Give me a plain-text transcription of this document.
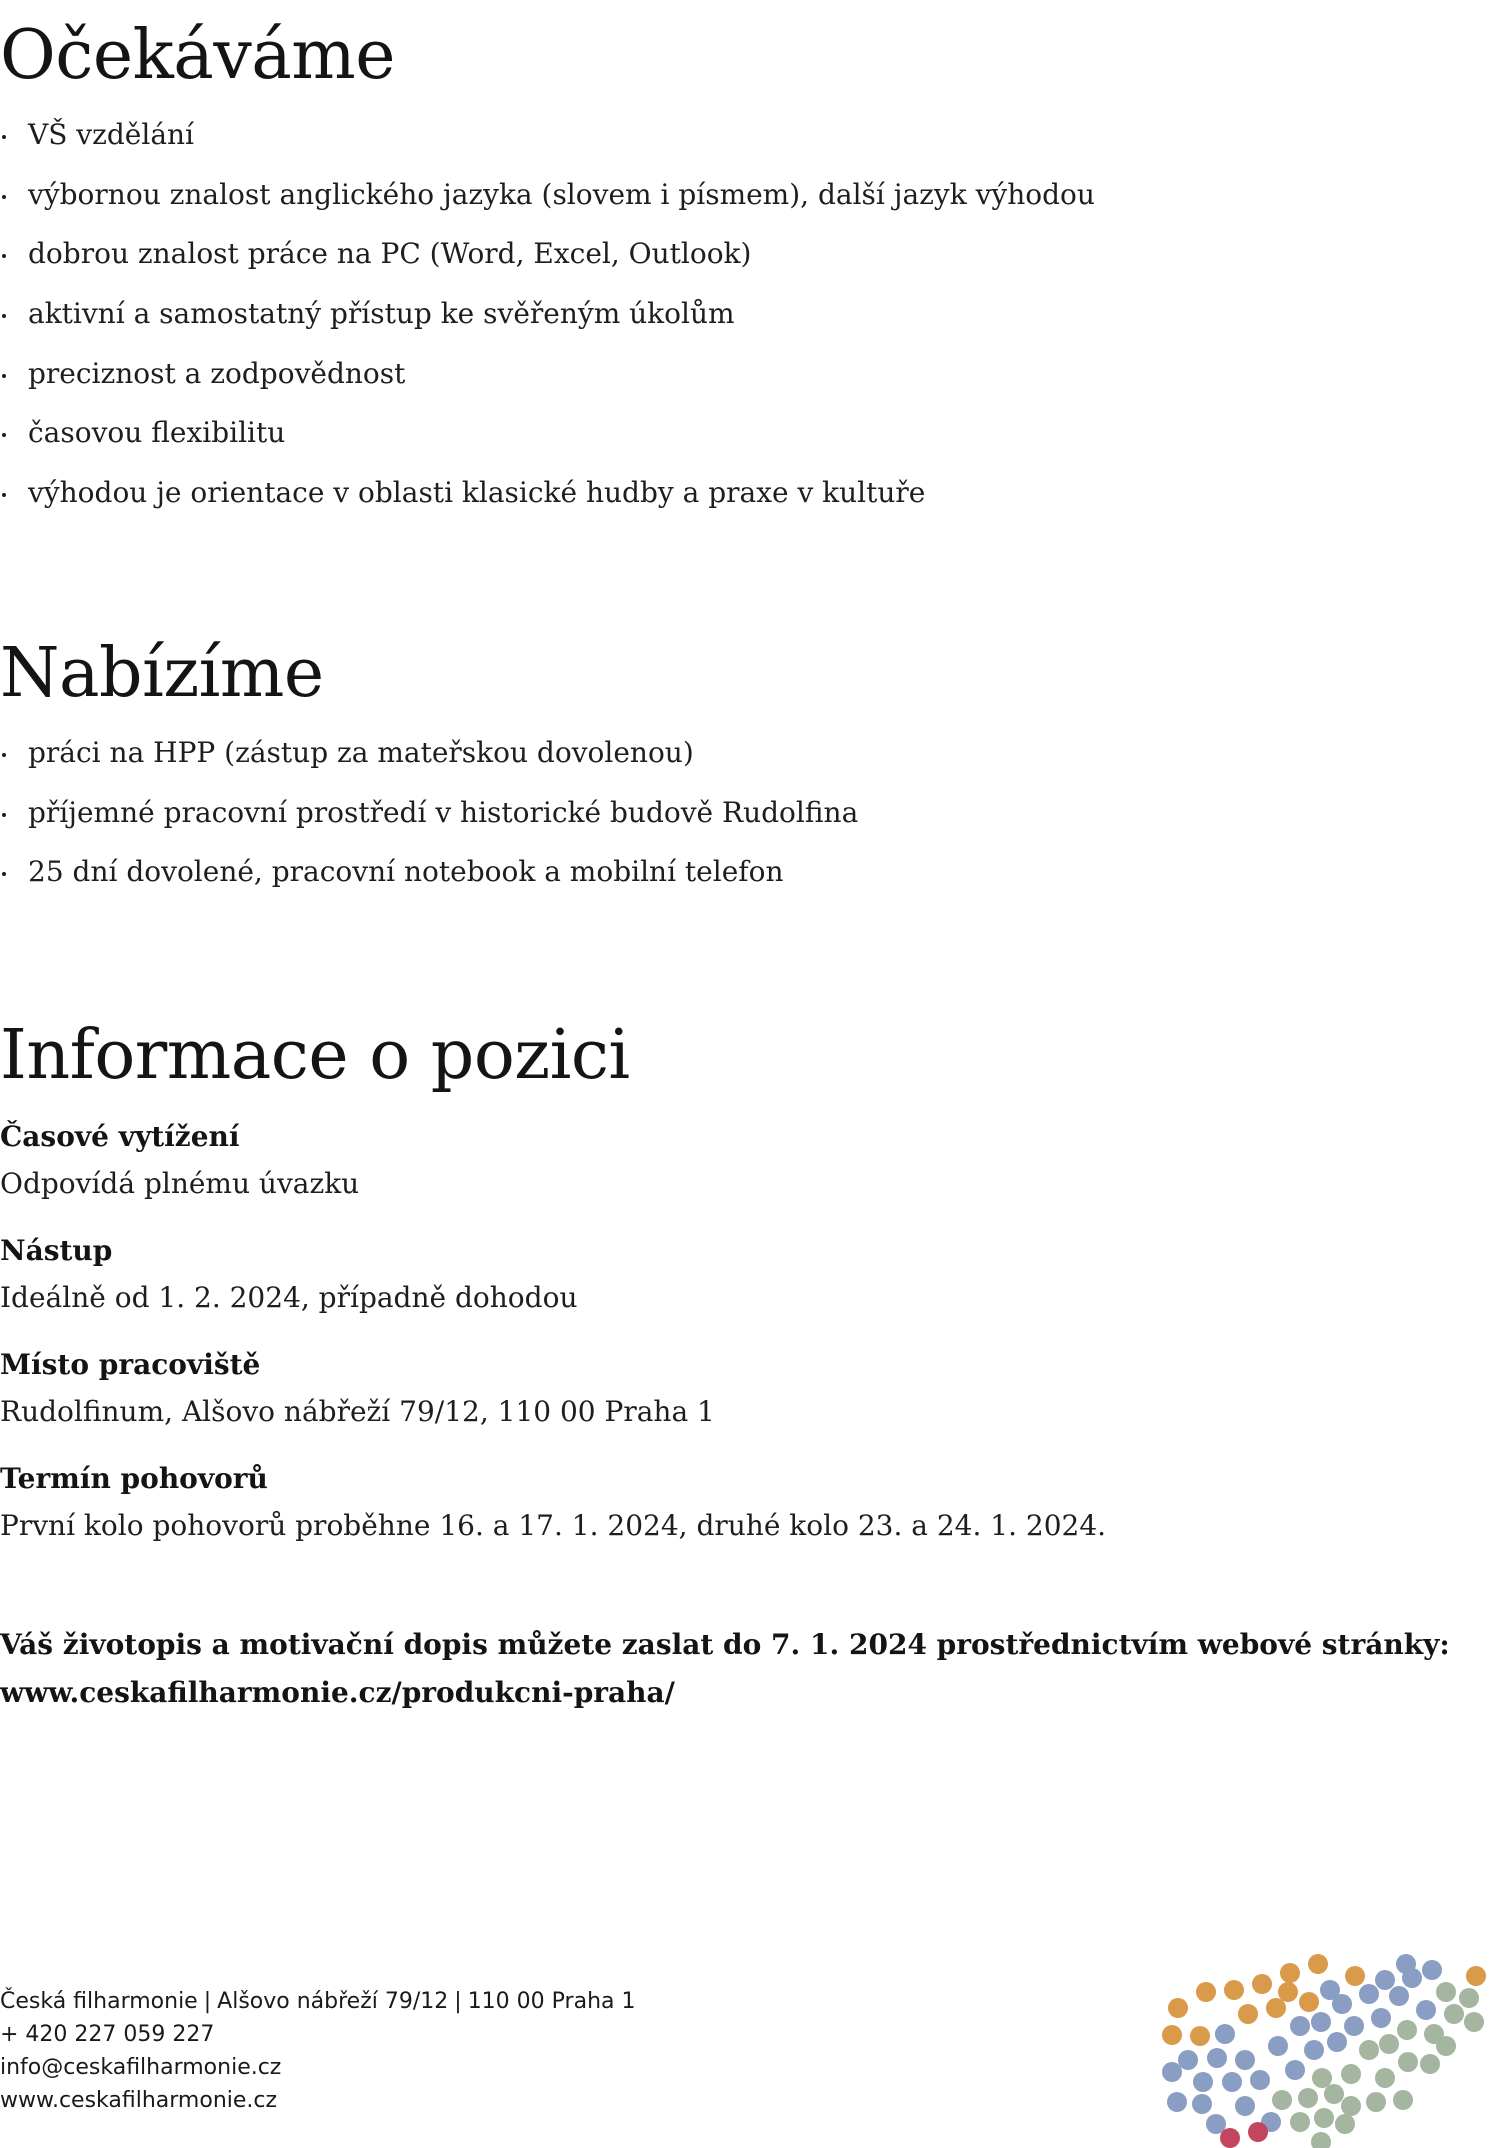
Očekáváme
VŠ vzdělání
výbornou znalost anglického jazyka (slovem i písmem), další jazyk výhodou
dobrou znalost práce na PC (Word, Excel, Outlook)
aktivní a samostatný přístup ke svěřeným úkolům
preciznost a zodpovědnost
časovou flexibilitu
výhodou je orientace v oblasti klasické hudby a praxe v kultuře
Nabízíme
práci na HPP (zástup za mateřskou dovolenou)
příjemné pracovní prostředí v historické budově Rudolfina
25 dní dovolené, pracovní notebook a mobilní telefon
Informace o pozici
Časové vytížení
Odpovídá plnému úvazku
Nástup
Ideálně od 1. 2. 2024, případně dohodou
Místo pracoviště
Rudolfinum, Alšovo nábřeží 79/12, 110 00 Praha 1
Termín pohovorů
První kolo pohovorů proběhne 16. a 17. 1. 2024, druhé kolo 23. a 24. 1. 2024.
Váš životopis a motivační dopis můžete zaslat do 7. 1. 2024 prostřednictvím webové stránky:
www.ceskafilharmonie.cz/produkcni-praha/
Česká filharmonie | Alšovo nábřeží 79/12 | 110 00 Praha 1
+ 420 227 059 227
info@ceskafilharmonie.cz
www.ceskafilharmonie.cz
